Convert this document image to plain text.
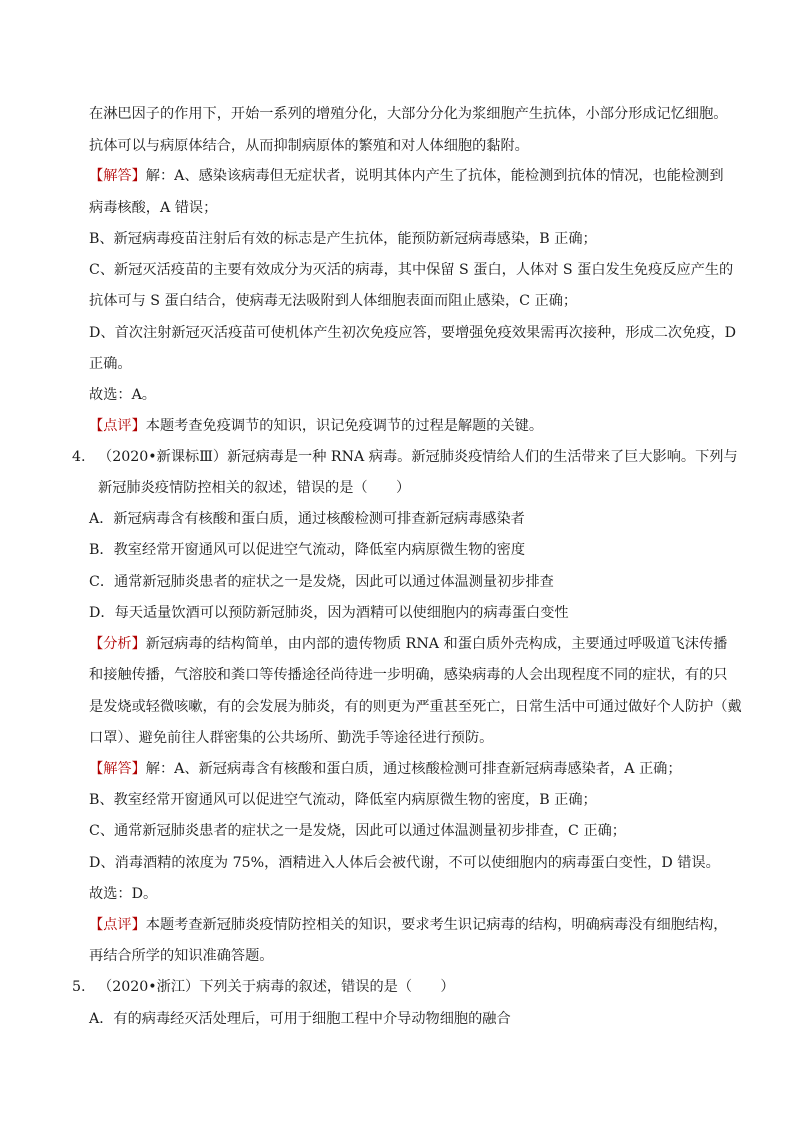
在淋巴因子的作用下，开始一系列的增殖分化，大部分分化为浆细胞产生抗体，小部分形成记忆细胞。
抗体可以与病原体结合，从而抑制病原体的繁殖和对人体细胞的黏附。
【解答】解：A、感染该病毒但无症状者，说明其体内产生了抗体，能检测到抗体的情况，也能检测到
病毒核酸，A 错误；
B、新冠病毒疫苗注射后有效的标志是产生抗体，能预防新冠病毒感染，B 正确；
C、新冠灭活疫苗的主要有效成分为灭活的病毒，其中保留 S 蛋白，人体对 S 蛋白发生免疫反应产生的
抗体可与 S 蛋白结合，使病毒无法吸附到人体细胞表面而阻止感染，C 正确；
D、首次注射新冠灭活疫苗可使机体产生初次免疫应答，要增强免疫效果需再次接种，形成二次免疫，D
正确。
故选：A。
【点评】本题考查免疫调节的知识，识记免疫调节的过程是解题的关键。
4. （2020•新课标Ⅲ）新冠病毒是一种 RNA 病毒。新冠肺炎疫情给人们的生活带来了巨大影响。下列与
新冠肺炎疫情防控相关的叙述，错误的是（　　）
A．新冠病毒含有核酸和蛋白质，通过核酸检测可排查新冠病毒感染者
B．教室经常开窗通风可以促进空气流动，降低室内病原微生物的密度
C．通常新冠肺炎患者的症状之一是发烧，因此可以通过体温测量初步排查
D．每天适量饮酒可以预防新冠肺炎，因为酒精可以使细胞内的病毒蛋白变性
【分析】新冠病毒的结构简单，由内部的遗传物质 RNA 和蛋白质外壳构成，主要通过呼吸道飞沫传播
和接触传播，气溶胶和粪口等传播途径尚待进一步明确，感染病毒的人会出现程度不同的症状，有的只
是发烧或轻微咳嗽，有的会发展为肺炎，有的则更为严重甚至死亡，日常生活中可通过做好个人防护（戴
口罩）、避免前往人群密集的公共场所、勤洗手等途径进行预防。
【解答】解：A、新冠病毒含有核酸和蛋白质，通过核酸检测可排查新冠病毒感染者，A 正确；
B、教室经常开窗通风可以促进空气流动，降低室内病原微生物的密度，B 正确；
C、通常新冠肺炎患者的症状之一是发烧，因此可以通过体温测量初步排查，C 正确；
D、消毒酒精的浓度为 75%，酒精进入人体后会被代谢，不可以使细胞内的病毒蛋白变性，D 错误。
故选：D。
【点评】本题考查新冠肺炎疫情防控相关的知识，要求考生识记病毒的结构，明确病毒没有细胞结构，
再结合所学的知识准确答题。
5. （2020•浙江）下列关于病毒的叙述，错误的是（　　）
A．有的病毒经灭活处理后，可用于细胞工程中介导动物细胞的融合
